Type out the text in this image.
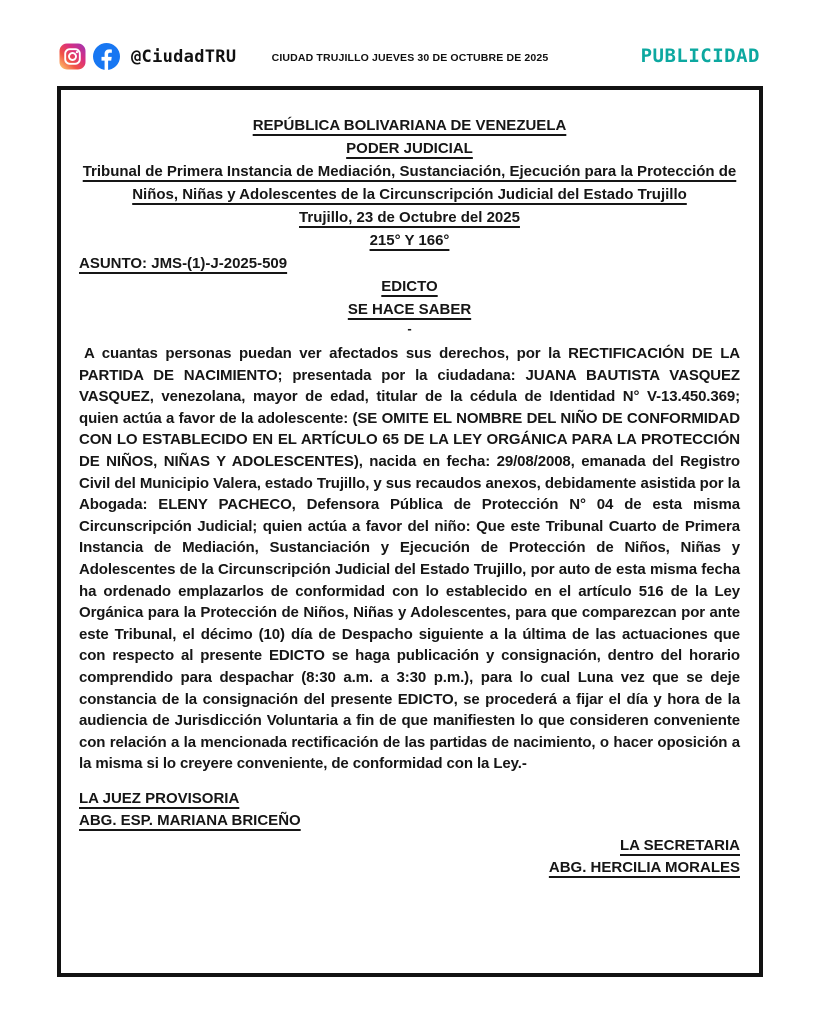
@CiudadTRU	CIUDAD TRUJILLO JUEVES 30 DE OCTUBRE DE 2025	PUBLICIDAD
REPÚBLICA BOLIVARIANA DE VENEZUELA
PODER JUDICIAL
Tribunal de Primera Instancia de Mediación, Sustanciación, Ejecución para la Protección de Niños, Niñas y Adolescentes de la Circunscripción Judicial del Estado Trujillo
Trujillo, 23 de Octubre del 2025
215° Y 166°
ASUNTO: JMS-(1)-J-2025-509
EDICTO
SE HACE SABER
-

A cuantas personas puedan ver afectados sus derechos, por la RECTIFICACIÓN DE LA PARTIDA DE NACIMIENTO; presentada por la ciudadana: JUANA BAUTISTA VASQUEZ VASQUEZ, venezolana, mayor de edad, titular de la cédula de Identidad N° V-13.450.369; quien actúa a favor de la adolescente: (SE OMITE EL NOMBRE DEL NIÑO DE CONFORMIDAD CON LO ESTABLECIDO EN EL ARTÍCULO 65 DE LA LEY ORGÁNICA PARA LA PROTECCIÓN DE NIÑOS, NIÑAS Y ADOLESCENTES), nacida en fecha: 29/08/2008, emanada del Registro Civil del Municipio Valera, estado Trujillo, y sus recaudos anexos, debidamente asistida por la Abogada: ELENY PACHECO, Defensora Pública de Protección N° 04 de esta misma Circunscripción Judicial; quien actúa a favor del niño: Que este Tribunal Cuarto de Primera Instancia de Mediación, Sustanciación y Ejecución de Protección de Niños, Niñas y Adolescentes de la Circunscripción Judicial del Estado Trujillo, por auto de esta misma fecha ha ordenado emplazarlos de conformidad con lo establecido en el artículo 516 de la Ley Orgánica para la Protección de Niños, Niñas y Adolescentes, para que comparezcan por ante este Tribunal, el décimo (10) día de Despacho siguiente a la última de las actuaciones que con respecto al presente EDICTO se haga publicación y consignación, dentro del horario comprendido para despachar (8:30 a.m. a 3:30 p.m.), para lo cual Luna vez que se deje constancia de la consignación del presente EDICTO, se procederá a fijar el día y hora de la audiencia de Jurisdicción Voluntaria a fin de que manifiesten lo que consideren conveniente con relación a la mencionada rectificación de las partidas de nacimiento, o hacer oposición a la misma si lo creyere conveniente, de conformidad con la Ley.-

LA JUEZ PROVISORIA
ABG. ESP. MARIANA BRICEÑO
LA SECRETARIA
ABG. HERCILIA MORALES
